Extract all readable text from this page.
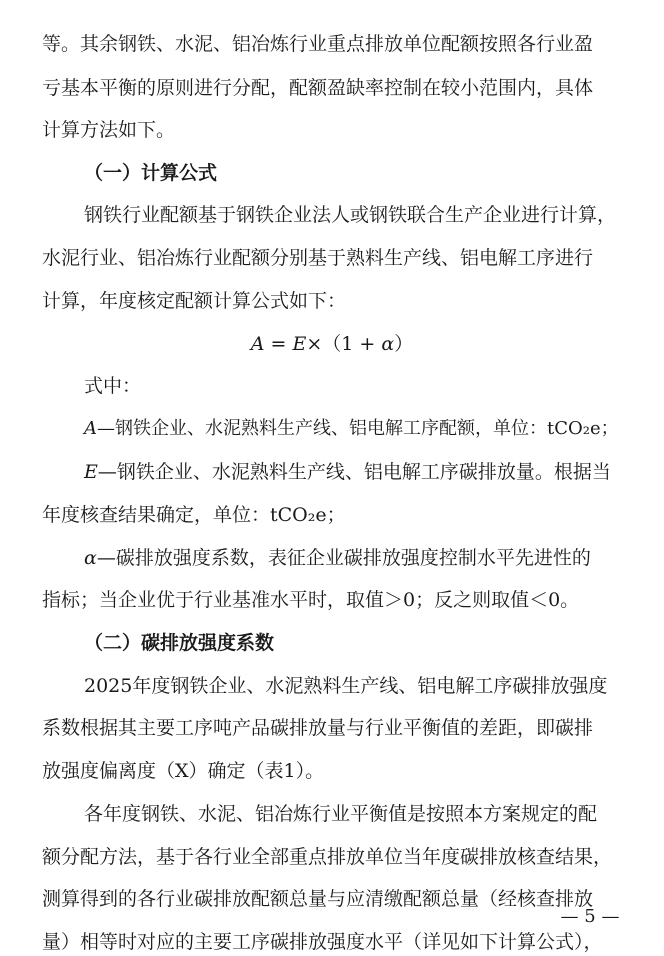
等。其余钢铁、水泥、铝冶炼行业重点排放单位配额按照各行业盈
亏基本平衡的原则进行分配，配额盈缺率控制在较小范围内，具体
计算方法如下。
（一）计算公式
钢铁行业配额基于钢铁企业法人或钢铁联合生产企业进行计算，
水泥行业、铝冶炼行业配额分别基于熟料生产线、铝电解工序进行
计算，年度核定配额计算公式如下：
A = E×（1 + α）
式中：
A—钢铁企业、水泥熟料生产线、铝电解工序配额，单位：tCO₂e；
E—钢铁企业、水泥熟料生产线、铝电解工序碳排放量。根据当
年度核查结果确定，单位：tCO₂e；
α—碳排放强度系数，表征企业碳排放强度控制水平先进性的
指标；当企业优于行业基准水平时，取值＞0；反之则取值＜0。
（二）碳排放强度系数
2025年度钢铁企业、水泥熟料生产线、铝电解工序碳排放强度
系数根据其主要工序吨产品碳排放量与行业平衡值的差距，即碳排
放强度偏离度（X）确定（表1）。
各年度钢铁、水泥、铝冶炼行业平衡值是按照本方案规定的配
额分配方法，基于各行业全部重点排放单位当年度碳排放核查结果，
测算得到的各行业碳排放配额总量与应清缴配额总量（经核查排放
量）相等时对应的主要工序碳排放强度水平（详见如下计算公式），
— 5 —
